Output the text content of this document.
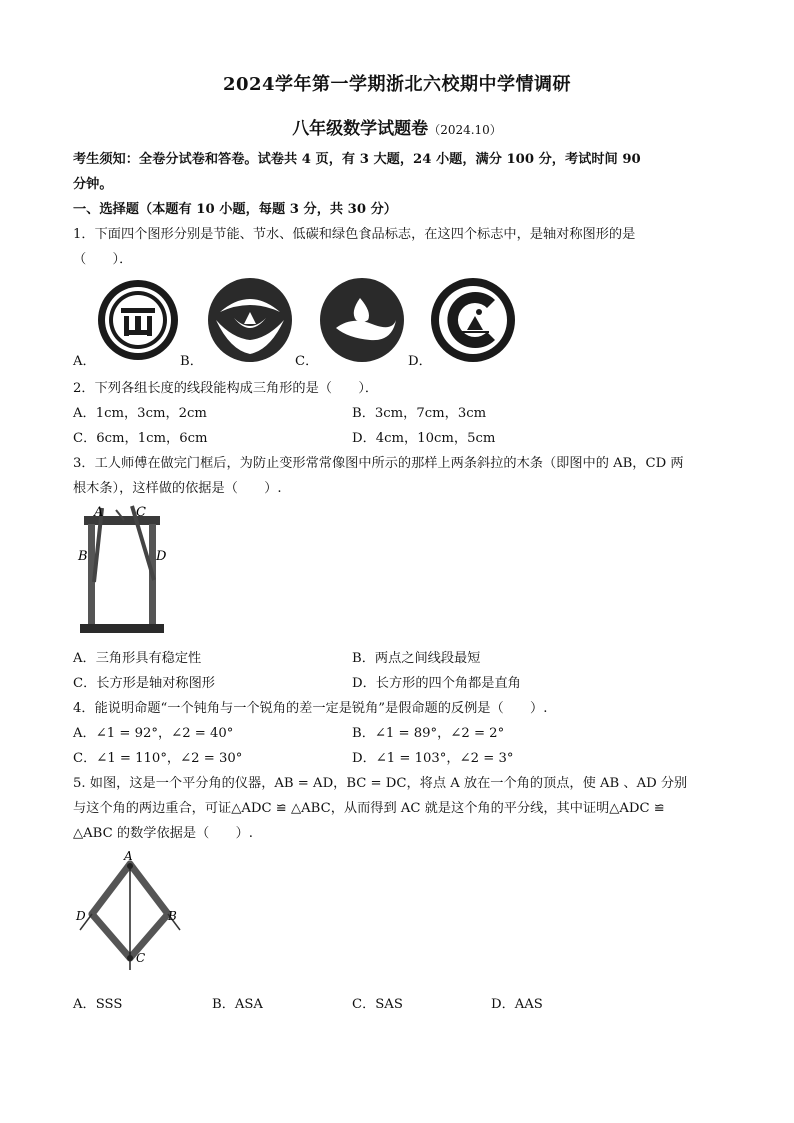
2024学年第一学期浙北六校期中学情调研
八年级数学试题卷（2024.10）
考生须知：全卷分试卷和答卷。试卷共 4 页，有 3 大题，24 小题，满分 100 分，考试时间 90
分钟。
一、选择题（本题有 10 小题，每题 3 分，共 30 分）
1．下面四个图形分别是节能、节水、低碳和绿色食品标志，在这四个标志中，是轴对称图形的是
（　　）．
A．	B．	C．	D．
2．下列各组长度的线段能构成三角形的是（　　）．
A．1cm，3cm，2cm	B．3cm，7cm，3cm
C．6cm，1cm，6cm	D．4cm，10cm，5cm
3．工人师傅在做完门框后，为防止变形常常像图中所示的那样上两条斜拉的木条（即图中的 AB，CD 两
根木条），这样做的依据是（　　）.
A
B
C
D
A．三角形具有稳定性	B．两点之间线段最短
C．长方形是轴对称图形	D．长方形的四个角都是直角
4．能说明命题“一个钝角与一个锐角的差一定是锐角”是假命题的反例是（　　）.
A．∠1 = 92°，∠2 = 40°	B．∠1 = 89°，∠2 = 2°
C．∠1 = 110°，∠2 = 30°	D．∠1 = 103°，∠2 = 3°
5. 如图，这是一个平分角的仪器，AB = AD，BC = DC，将点 A 放在一个角的顶点，使 AB 、AD 分别
与这个角的两边重合，可证△ADC ≌ △ABC，从而得到 AC 就是这个角的平分线，其中证明△ADC ≌
△ABC 的数学依据是（　　）.
A
B
C
D
A．SSS	B．ASA	C．SAS	D．AAS
